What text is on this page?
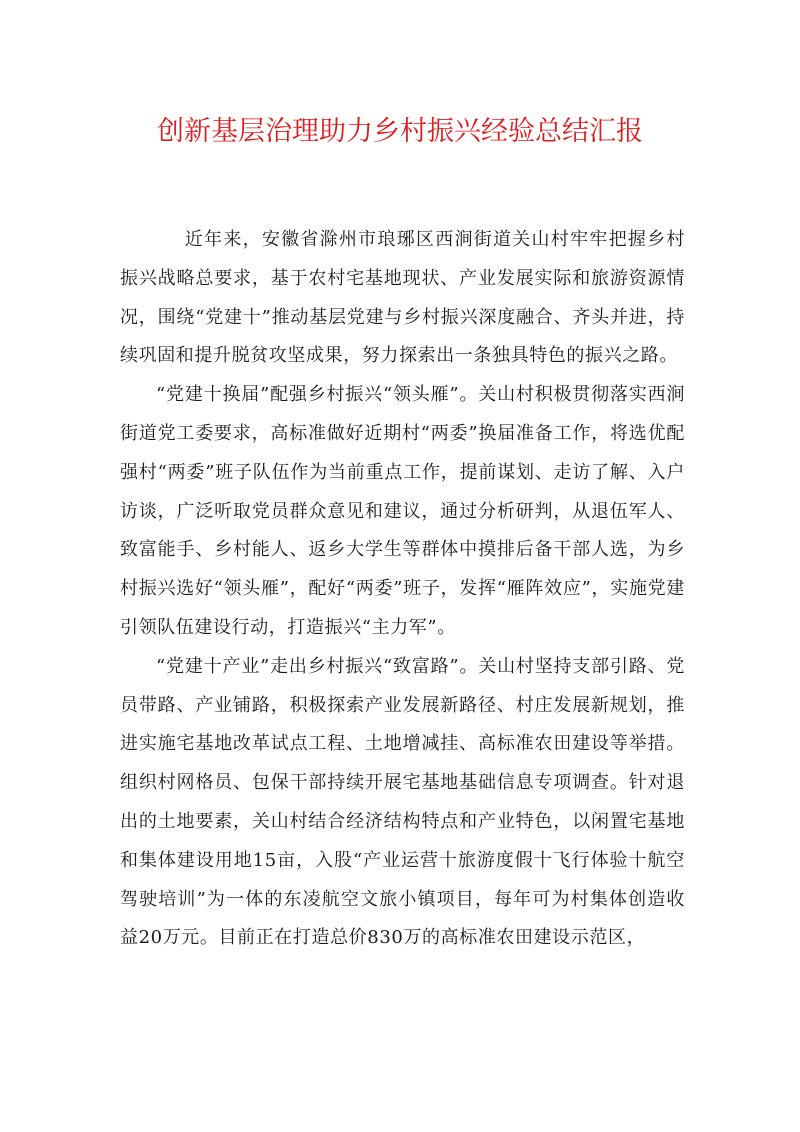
创新基层治理助力乡村振兴经验总结汇报

近年来，安徽省滁州市琅琊区西涧街道关山村牢牢把握乡村振兴战略总要求，基于农村宅基地现状、产业发展实际和旅游资源情况，围绕“党建十”推动基层党建与乡村振兴深度融合、齐头并进，持续巩固和提升脱贫攻坚成果，努力探索出一条独具特色的振兴之路。

“党建十换届”配强乡村振兴“领头雁”。关山村积极贯彻落实西涧街道党工委要求，高标准做好近期村“两委”换届准备工作，将选优配强村“两委”班子队伍作为当前重点工作，提前谋划、走访了解、入户访谈，广泛听取党员群众意见和建议，通过分析研判，从退伍军人、致富能手、乡村能人、返乡大学生等群体中摸排后备干部人选，为乡村振兴选好“领头雁”，配好“两委”班子，发挥“雁阵效应”，实施党建引领队伍建设行动，打造振兴“主力军”。

“党建十产业”走出乡村振兴“致富路”。关山村坚持支部引路、党员带路、产业铺路，积极探索产业发展新路径、村庄发展新规划，推进实施宅基地改革试点工程、土地增减挂、高标准农田建设等举措。组织村网格员、包保干部持续开展宅基地基础信息专项调查。针对退出的土地要素，关山村结合经济结构特点和产业特色，以闲置宅基地和集体建设用地15亩，入股“产业运营十旅游度假十飞行体验十航空驾驶培训”为一体的东凌航空文旅小镇项目，每年可为村集体创造收益20万元。目前正在打造总价830万的高标准农田建设示范区，
